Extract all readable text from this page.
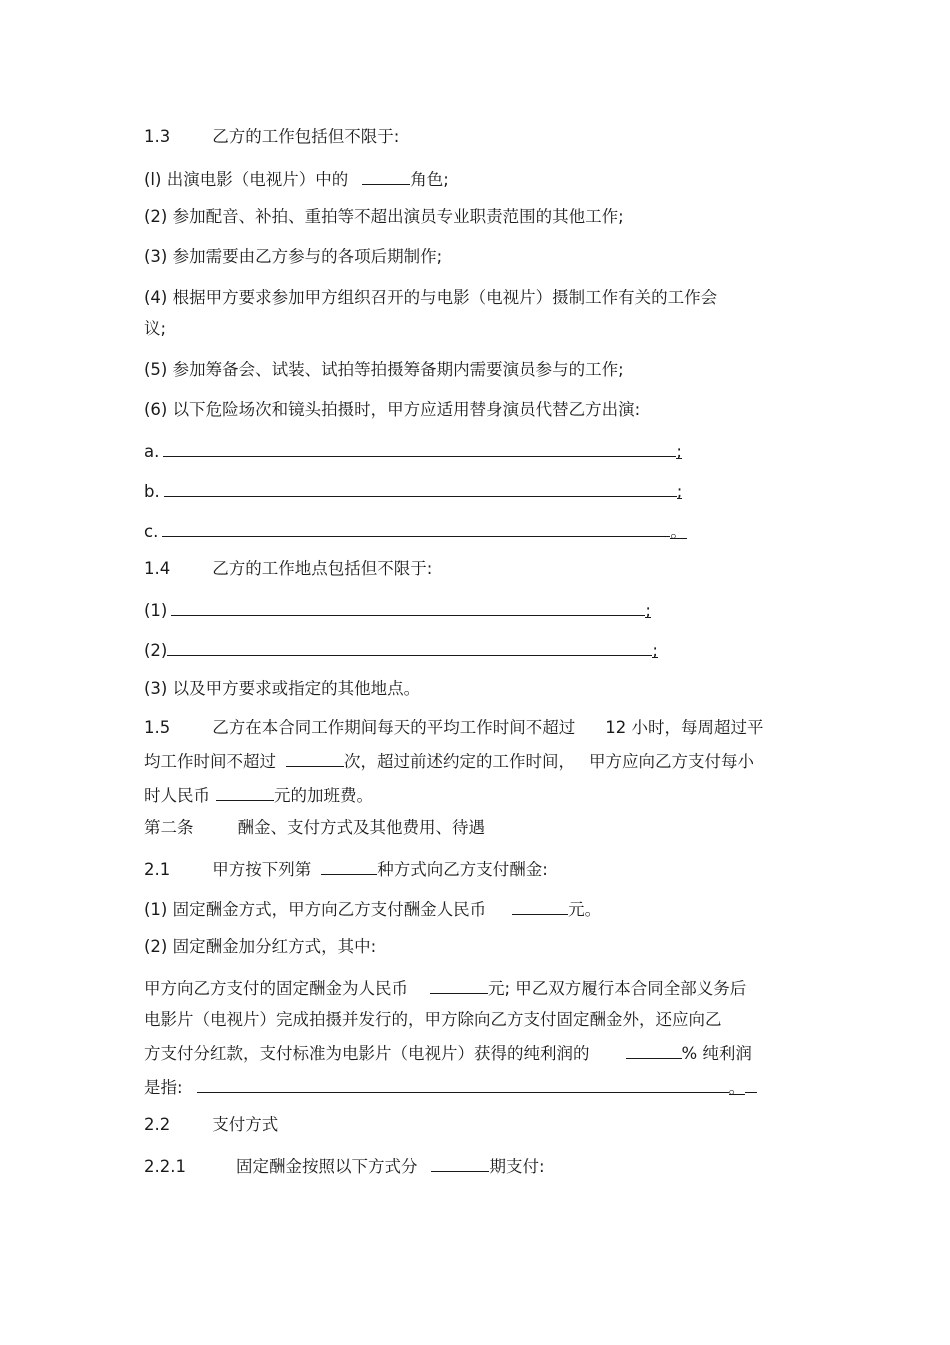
1.3	乙方的工作包括但不限于:
(l) 出演电影（电视片）中的	角色;
(2) 参加配音、补拍、重拍等不超出演员专业职责范围的其他工作;
(3) 参加需要由乙方参与的各项后期制作;
(4) 根据甲方要求参加甲方组织召开的与电影（电视片）摄制工作有关的工作会
议;
(5) 参加筹备会、试装、试拍等拍摄筹备期内需要演员参与的工作;
(6) 以下危险场次和镜头拍摄时，甲方应适用替身演员代替乙方出演:
a.	;
b.	;
c.	。
1.4	乙方的工作地点包括但不限于:
(1)	;
(2)	;
(3) 以及甲方要求或指定的其他地点。
1.5	乙方在本合同工作期间每天的平均工作时间不超过 12 小时，每周超过平
均工作时间不超过	次，超过前述约定的工作时间， 甲方应向乙方支付每小
时人民币	元的加班费。
第二条	酬金、支付方式及其他费用、待遇
2.1	甲方按下列第	种方式向乙方支付酬金:
(1) 固定酬金方式，甲方向乙方支付酬金人民币	元。
(2) 固定酬金加分红方式，其中:
甲方向乙方支付的固定酬金为人民币	元; 甲乙双方履行本合同全部义务后
电影片（电视片）完成拍摄并发行的，甲方除向乙方支付固定酬金外，还应向乙
方支付分红款，支付标准为电影片（电视片）获得的纯利润的	% 纯利润
是指:	。
2.2	支付方式
2.2.1	固定酬金按照以下方式分	期支付:
